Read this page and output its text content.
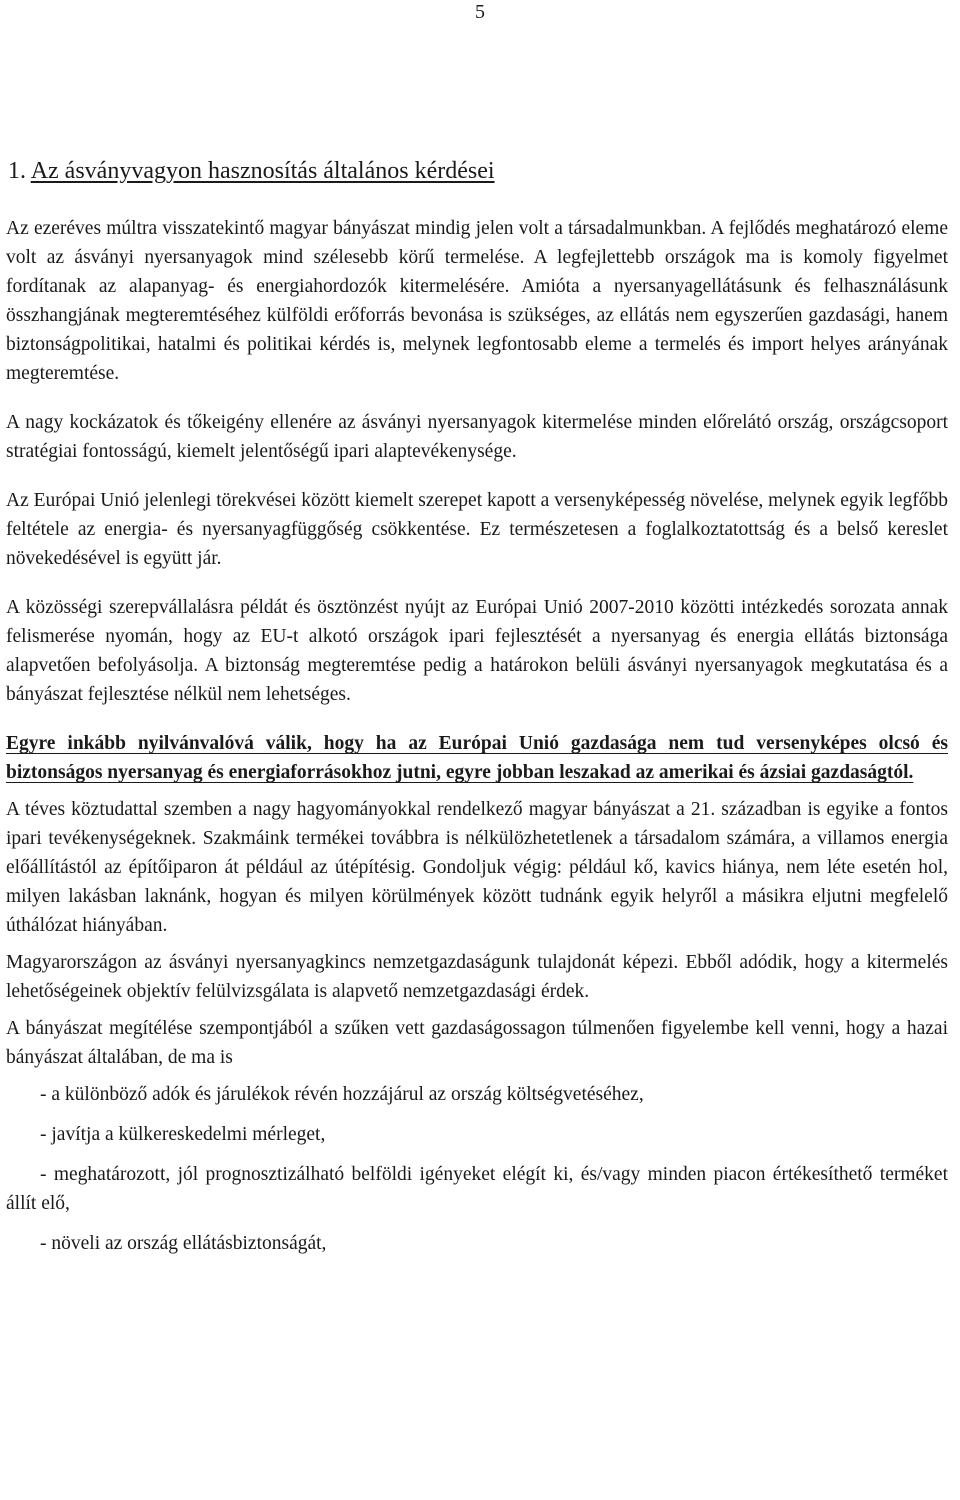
5
1. Az ásványvagyon hasznosítás általános kérdései

Az ezeréves múltra visszatekintő magyar bányászat mindig jelen volt a társadalmunkban. A fejlődés meghatározó eleme volt az ásványi nyersanyagok mind szélesebb körű termelése. A legfejlettebb országok ma is komoly figyelmet fordítanak az alapanyag- és energiahordozók kitermelésére. Amióta a nyersanyagellátásunk és felhasználásunk összhangjának megteremtéséhez külföldi erőforrás bevonása is szükséges, az ellátás nem egyszerűen gazdasági, hanem biztonságpolitikai, hatalmi és politikai kérdés is, melynek legfontosabb eleme a termelés és import helyes arányának megteremtése.

A nagy kockázatok és tőkeigény ellenére az ásványi nyersanyagok kitermelése minden előrelátó ország, országcsoport stratégiai fontosságú, kiemelt jelentőségű ipari alaptevékenysége.

Az Európai Unió jelenlegi törekvései között kiemelt szerepet kapott a versenyképesség növelése, melynek egyik legfőbb feltétele az energia- és nyersanyagfüggőség csökkentése. Ez természetesen a foglalkoztatottság és a belső kereslet növekedésével is együtt jár.

A közösségi szerepvállalásra példát és ösztönzést nyújt az Európai Unió 2007-2010 közötti intézkedés sorozata annak felismerése nyomán, hogy az EU-t alkotó országok ipari fejlesztését a nyersanyag és energia ellátás biztonsága alapvetően befolyásolja. A biztonság megteremtése pedig a határokon belüli ásványi nyersanyagok megkutatása és a bányászat fejlesztése nélkül nem lehetséges.

Egyre inkább nyilvánvalóvá válik, hogy ha az Európai Unió gazdasága nem tud versenyképes olcsó és biztonságos nyersanyag és energiaforrásokhoz jutni, egyre jobban leszakad az amerikai és ázsiai gazdaságtól.

A téves köztudattal szemben a nagy hagyományokkal rendelkező magyar bányászat a 21. században is egyike a fontos ipari tevékenységeknek. Szakmáink termékei továbbra is nélkülözhetetlenek a társadalom számára, a villamos energia előállítástól az építőiparon át például az útépítésig. Gondoljuk végig: például kő, kavics hiánya, nem léte esetén hol, milyen lakásban laknánk, hogyan és milyen körülmények között tudnánk egyik helyről a másikra eljutni megfelelő úthálózat hiányában.

Magyarországon az ásványi nyersanyagkincs nemzetgazdaságunk tulajdonát képezi. Ebből adódik, hogy a kitermelés lehetőségeinek objektív felülvizsgálata is alapvető nemzetgazdasági érdek.

A bányászat megítélése szempontjából a szűken vett gazdaságossagon túlmenően figyelembe kell venni, hogy a hazai bányászat általában, de ma is

- a különböző adók és járulékok révén hozzájárul az ország költségvetéséhez,
- javítja a külkereskedelmi mérleget,
- meghatározott, jól prognosztizálható belföldi igényeket elégít ki, és/vagy minden piacon értékesíthető terméket állít elő,
- növeli az ország ellátásbiztonságát,
